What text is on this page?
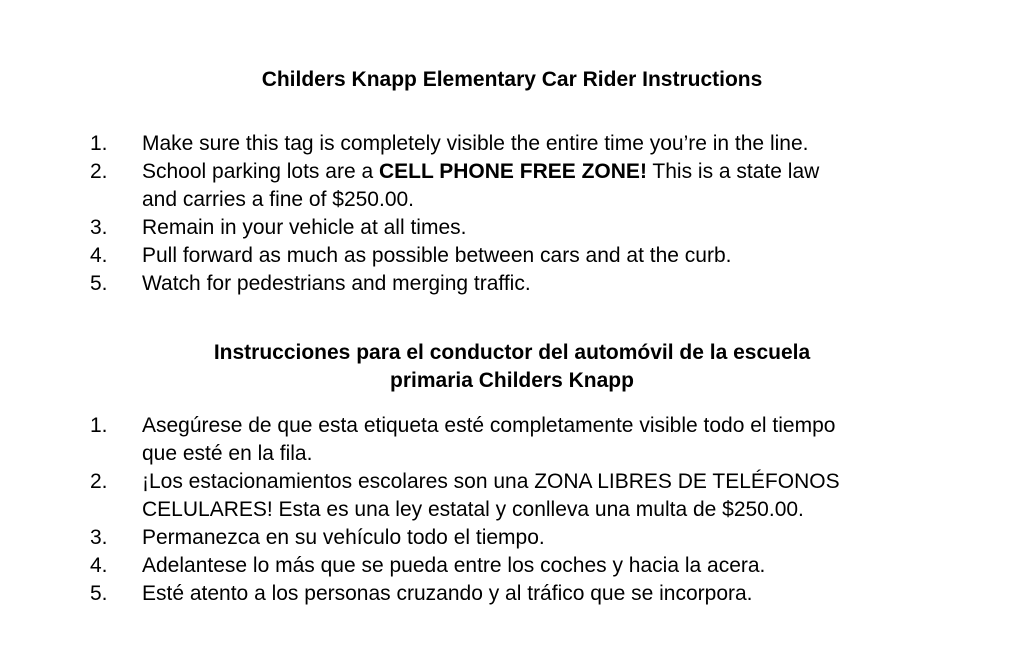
Childers Knapp Elementary Car Rider Instructions
1. Make sure this tag is completely visible the entire time you’re in the line.
2. School parking lots are a CELL PHONE FREE ZONE! This is a state law
and carries a fine of $250.00.
3. Remain in your vehicle at all times.
4. Pull forward as much as possible between cars and at the curb.
5. Watch for pedestrians and merging traffic.
Instrucciones para el conductor del automóvil de la escuela
primaria Childers Knapp
1. Asegúrese de que esta etiqueta esté completamente visible todo el tiempo
que esté en la fila.
2. ¡Los estacionamientos escolares son una ZONA LIBRES DE TELÉFONOS
CELULARES! Esta es una ley estatal y conlleva una multa de $250.00.
3. Permanezca en su vehículo todo el tiempo.
4. Adelantese lo más que se pueda entre los coches y hacia la acera.
5. Esté atento a los personas cruzando y al tráfico que se incorpora.
